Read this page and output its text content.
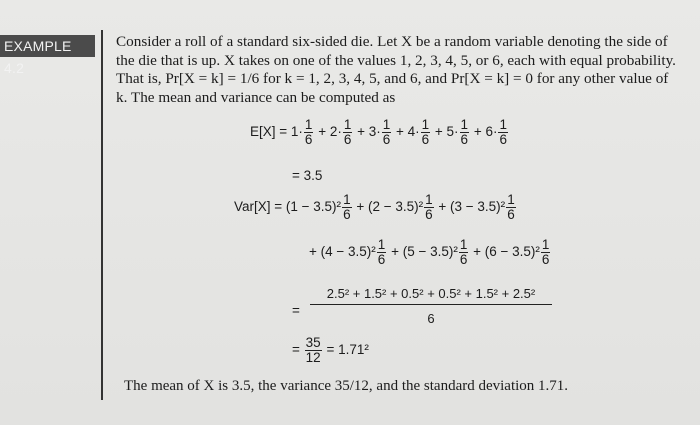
EXAMPLE 4.2

Consider a roll of a standard six-sided die. Let X be a random variable denoting the side of

the die that is up. X takes on one of the values 1, 2, 3, 4, 5, or 6, each with equal probability.

That is, Pr[X = k] = 1/6 for k = 1, 2, 3, 4, 5, and 6, and Pr[X = k] = 0 for any other value of

k. The mean and variance can be computed as

$E[X] = 1\cdot \frac{1}{6} + 2\cdot \frac{1}{6} + 3\cdot \frac{1}{6} + 4\cdot \frac{1}{6} + 5\cdot \frac{1}{6} + 6\cdot \frac{1}{6}$
= 3.5
$Var[X] = (1 - 3.5)^2 \frac{1}{6} + (2 - 3.5)^2 \frac{1}{6} + (3 - 3.5)^2 \frac{1}{6}$
+ $(4 - 3.5)^2 \frac{1}{6} + (5 - 3.5)^2 \frac{1}{6} + (6 - 3.5)^2 \frac{1}{6}$
= $\frac{\text{2.5² + 1.5² + 0.5² + 0.5² + 1.5² + 2.5²}}{6}$
= $\frac{35}{12} = 1.71^2$
The mean of X is 3.5, the variance 35/12, and the standard deviation 1.71.
